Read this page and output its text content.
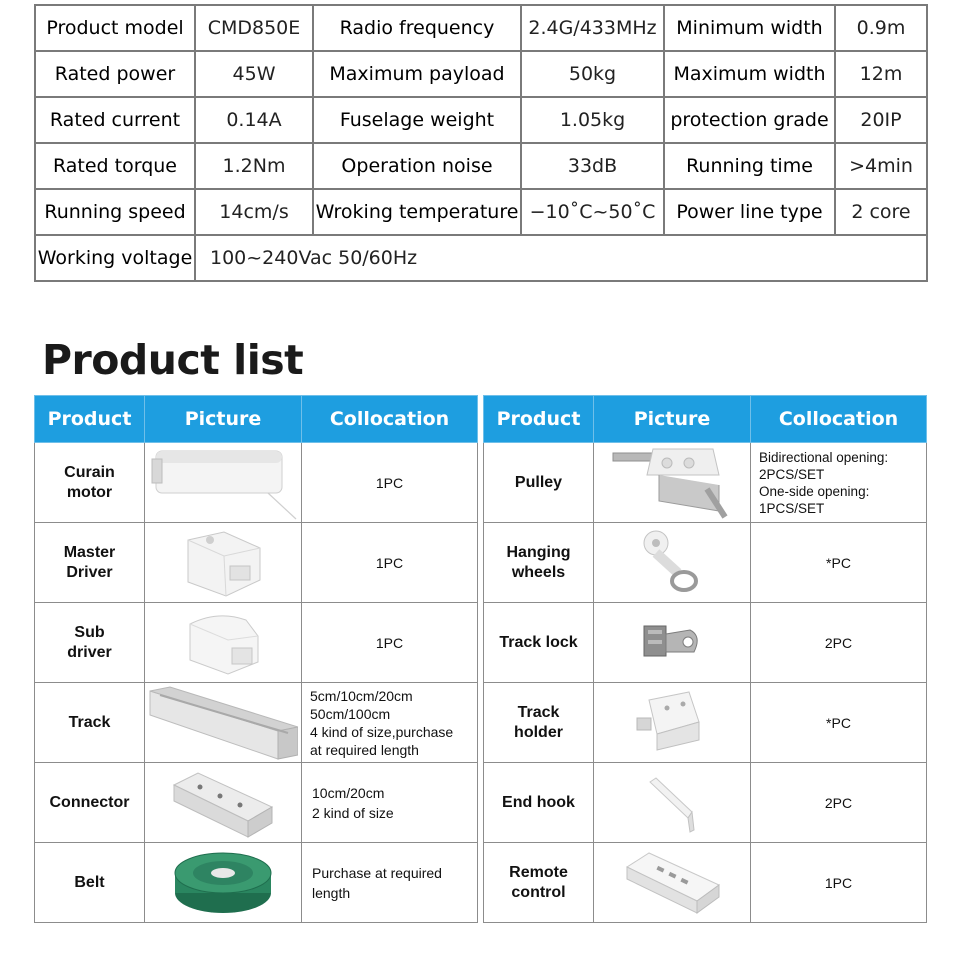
Product model	CMD850E	Radio frequency	2.4G/433MHz	Minimum width	0.9m
Rated power	45W	Maximum payload	50kg	Maximum width	12m
Rated current	0.14A	Fuselage weight	1.05kg	protection grade	20IP
Rated torque	1.2Nm	Operation noise	33dB	Running time	>4min
Running speed	14cm/s	Wroking temperature	−10˚C~50˚C	Power line type	2 core
Working voltage	100~240Vac 50/60Hz				
Product list
Product	Picture	Collocation
Curain
motor		1PC
Master
Driver		1PC
Sub
driver		1PC
Track		5cm/10cm/20cm
50cm/100cm
4 kind of size,purchase
at required length
Connector		10cm/20cm
2 kind of size
Belt		Purchase at required
length
Product	Picture	Collocation
Pulley		Bidirectional opening:
2PCS/SET
One-side opening:
1PCS/SET
Hanging
wheels		*PC
Track lock		2PC
Track
holder		*PC
End hook		2PC
Remote
control		1PC
